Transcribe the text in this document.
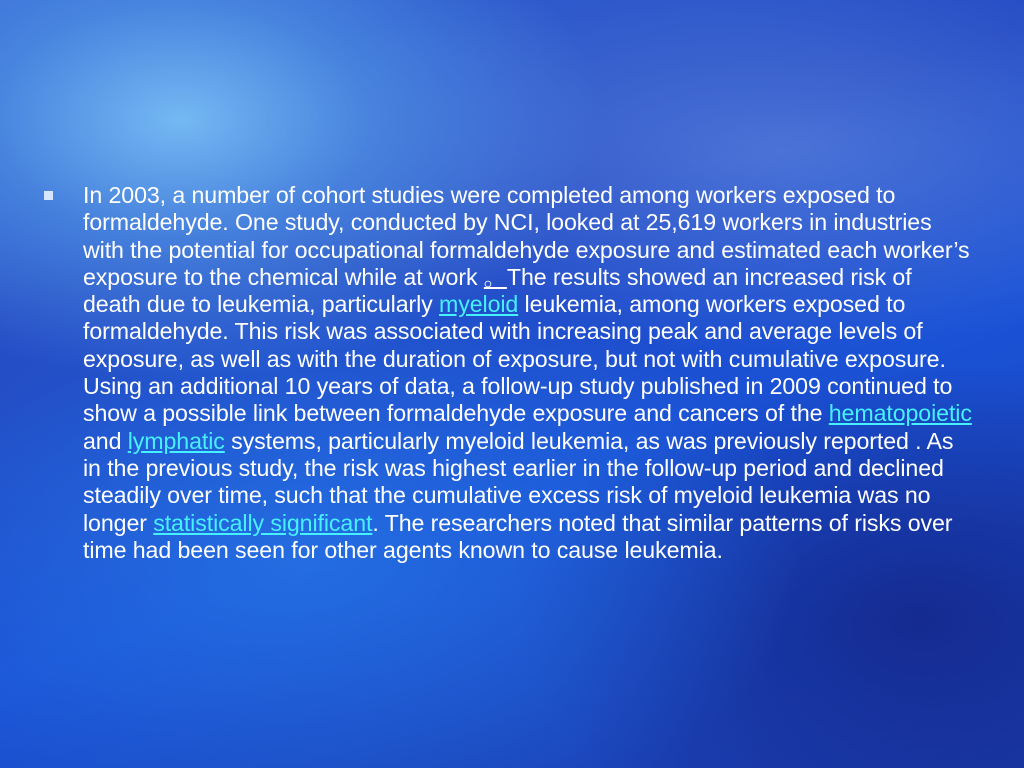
In 2003, a number of cohort studies were completed among workers exposed to formaldehyde. One study, conducted by NCI, looked at 25,619 workers in industries with the potential for occupational formaldehyde exposure and estimated each worker’s exposure to the chemical while at work 。The results showed an increased risk of death due to leukemia, particularly myeloid leukemia, among workers exposed to formaldehyde. This risk was associated with increasing peak and average levels of exposure, as well as with the duration of exposure, but not with cumulative exposure. Using an additional 10 years of data, a follow-up study published in 2009 continued to show a possible link between formaldehyde exposure and cancers of the hematopoietic and lymphatic systems, particularly myeloid leukemia, as was previously reported . As in the previous study, the risk was highest earlier in the follow-up period and declined steadily over time, such that the cumulative excess risk of myeloid leukemia was no longer statistically significant. The researchers noted that similar patterns of risks over time had been seen for other agents known to cause leukemia.
